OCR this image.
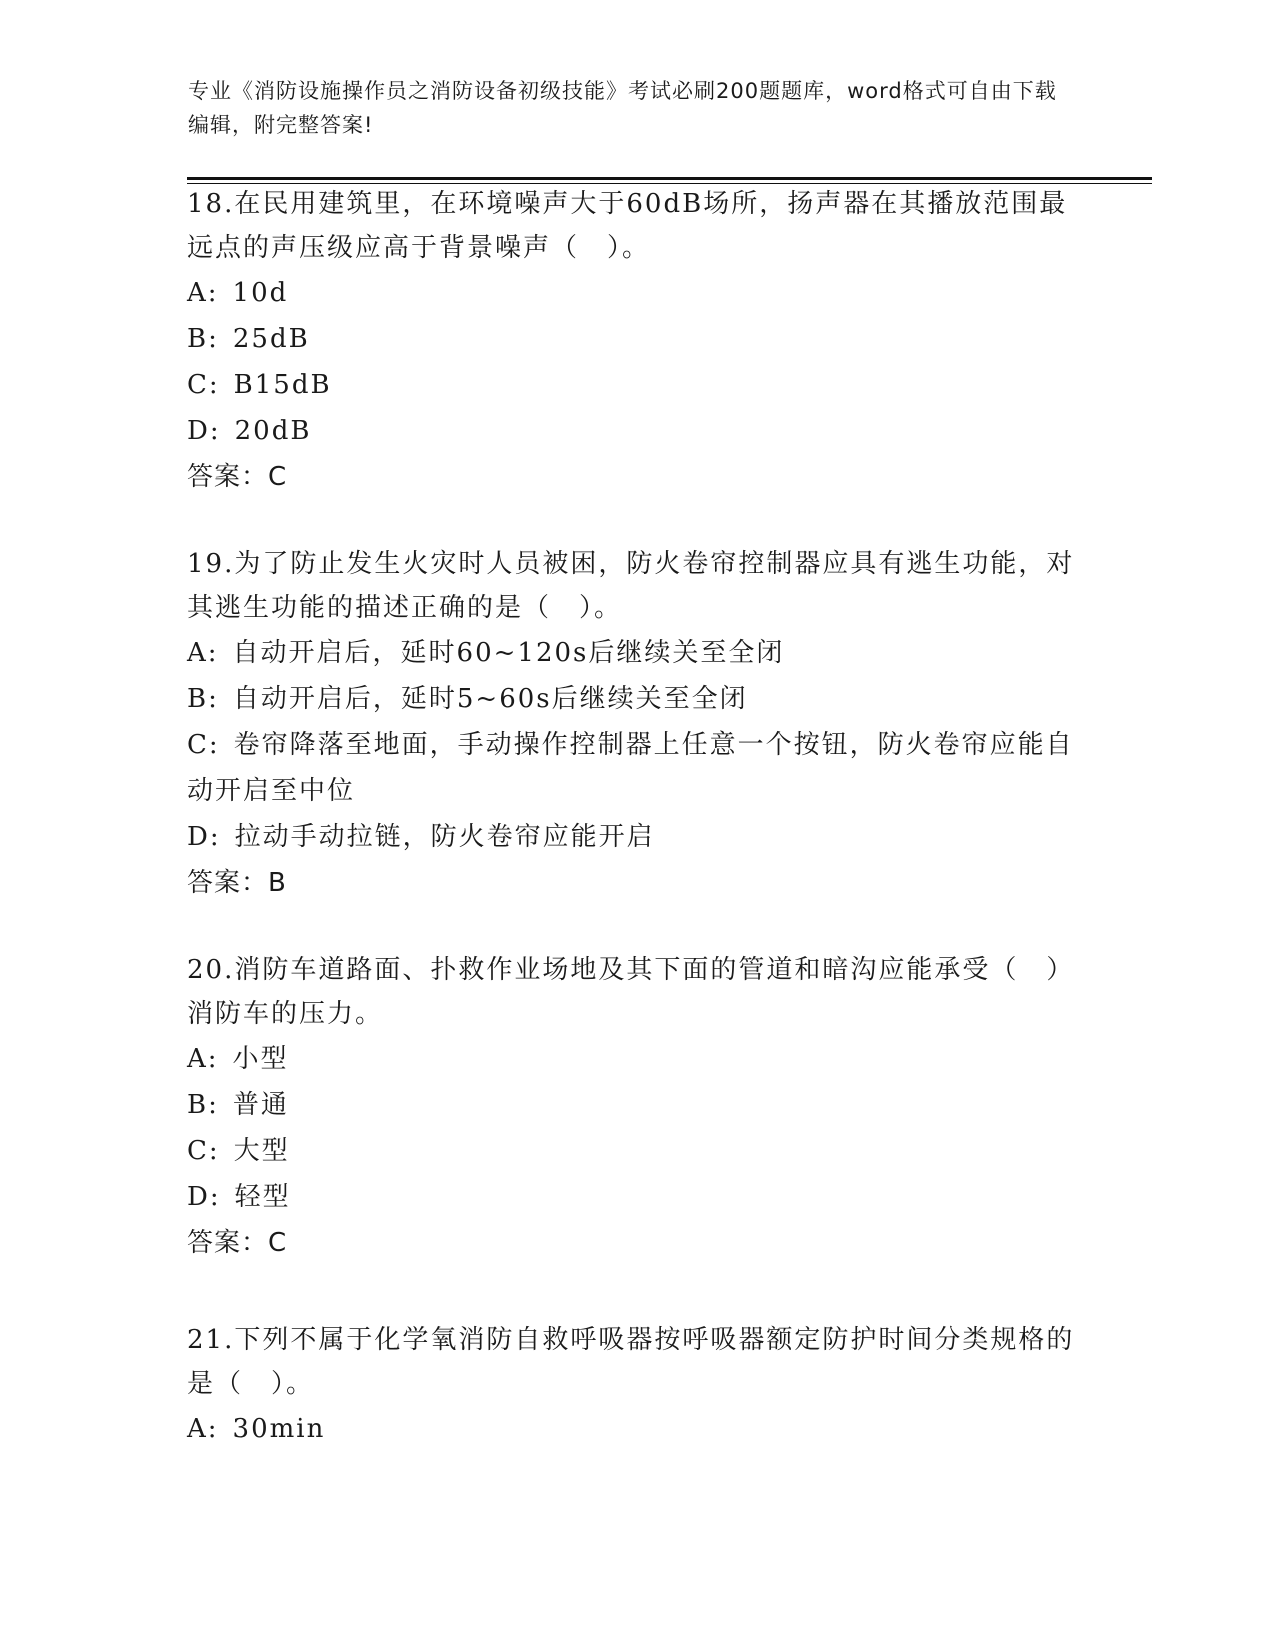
专业《消防设施操作员之消防设备初级技能》考试必刷200题题库，word格式可自由下载编辑，附完整答案!

18.在民用建筑里，在环境噪声大于60dB场所，扬声器在其播放范围最远点的声压级应高于背景噪声（　）。

A: 10d

B: 25dB

C: B15dB

D: 20dB

答案：C

19.为了防止发生火灾时人员被困，防火卷帘控制器应具有逃生功能，对其逃生功能的描述正确的是（　）。

A: 自动开启后，延时60~120s后继续关至全闭

B: 自动开启后，延时5~60s后继续关至全闭

C: 卷帘降落至地面，手动操作控制器上任意一个按钮，防火卷帘应能自动开启至中位

D: 拉动手动拉链，防火卷帘应能开启

答案：B

20.消防车道路面、扑救作业场地及其下面的管道和暗沟应能承受（　）消防车的压力。

A: 小型

B: 普通

C: 大型

D: 轻型

答案：C

21.下列不属于化学氧消防自救呼吸器按呼吸器额定防护时间分类规格的是（　）。

A: 30min
